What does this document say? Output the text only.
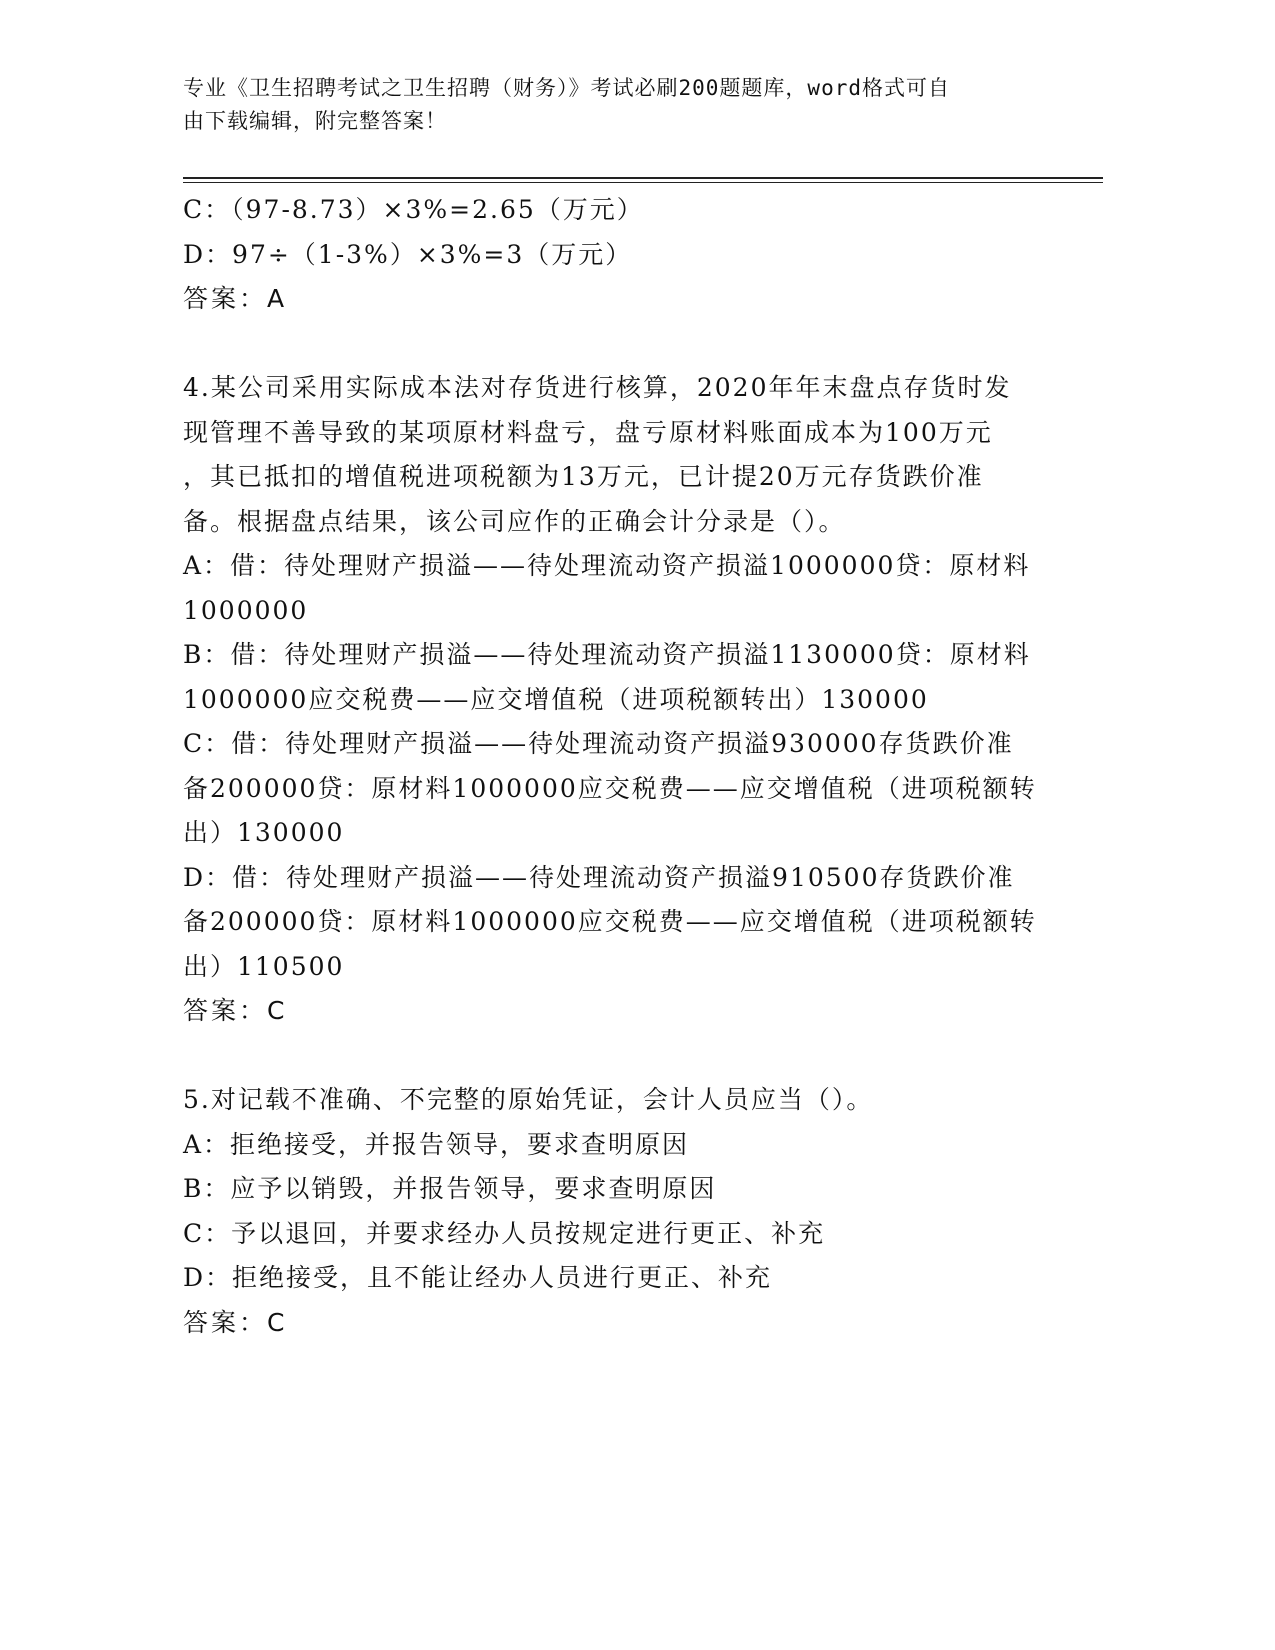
专业《卫生招聘考试之卫生招聘（财务）》考试必刷200题题库，word格式可自
由下载编辑，附完整答案！

C：（97-8.73）×3%=2.65（万元）

D：97÷（1-3%）×3%=3（万元）

答案：A

4.某公司采用实际成本法对存货进行核算，2020年年末盘点存货时发

现管理不善导致的某项原材料盘亏，盘亏原材料账面成本为100万元

，其已抵扣的增值税进项税额为13万元，已计提20万元存货跌价准

备。根据盘点结果，该公司应作的正确会计分录是（）。

A：借：待处理财产损溢——待处理流动资产损溢1000000贷：原材料

1000000

B：借：待处理财产损溢——待处理流动资产损溢1130000贷：原材料

1000000应交税费——应交增值税（进项税额转出）130000

C：借：待处理财产损溢——待处理流动资产损溢930000存货跌价准

备200000贷：原材料1000000应交税费——应交增值税（进项税额转

出）130000

D：借：待处理财产损溢——待处理流动资产损溢910500存货跌价准

备200000贷：原材料1000000应交税费——应交增值税（进项税额转

出）110500

答案：C

5.对记载不准确、不完整的原始凭证，会计人员应当（）。

A：拒绝接受，并报告领导，要求查明原因

B：应予以销毁，并报告领导，要求查明原因

C：予以退回，并要求经办人员按规定进行更正、补充

D：拒绝接受，且不能让经办人员进行更正、补充

答案：C
